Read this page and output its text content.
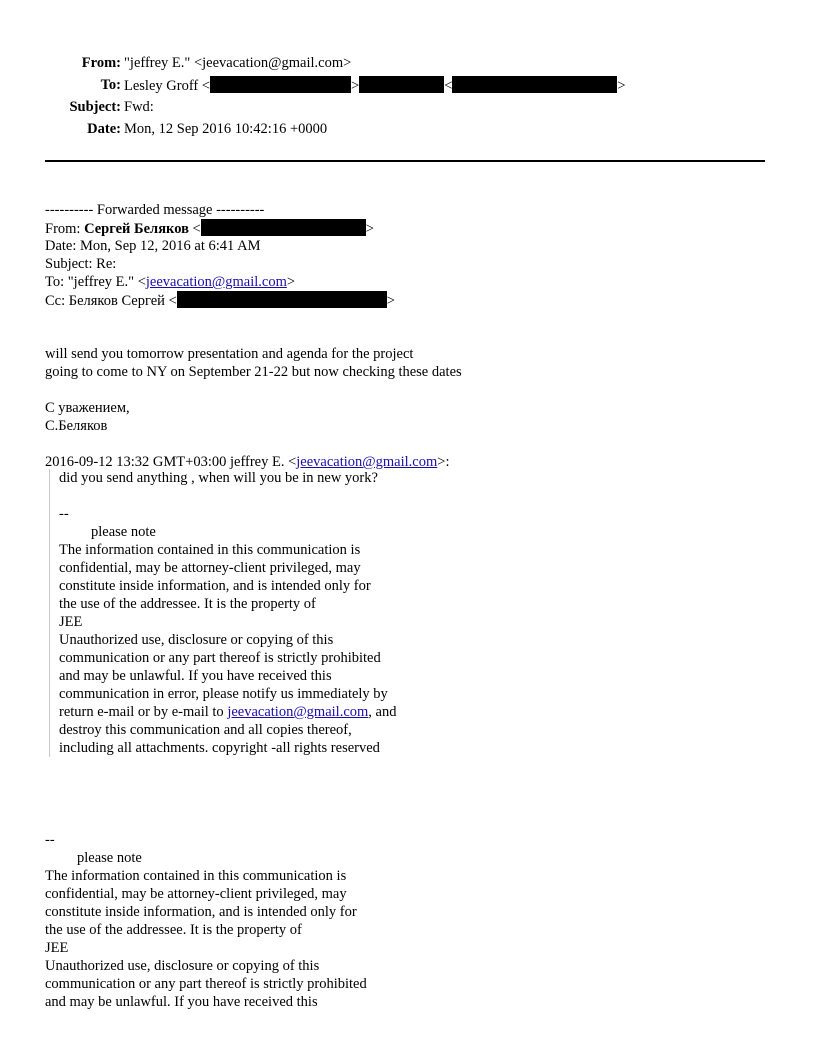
From: "jeffrey E." <jeevacation@gmail.com>
To: Lesley Groff <	>	<	>
Subject: Fwd:
Date: Mon, 12 Sep 2016 10:42:16 +0000
---------- Forwarded message ----------
From: Сергей Беляков <	>
Date: Mon, Sep 12, 2016 at 6:41 AM
Subject: Re:
To: "jeffrey E." <jeevacation@gmail.com>
Cc: Беляков Сергей <	>
will send you tomorrow presentation and agenda for the project
going to come to NY on September 21-22 but now checking these dates
С уважением,
С.Беляков
2016-09-12 13:32 GMT+03:00 jeffrey E. <jeevacation@gmail.com>:
did you send anything , when will you be in new york?
--
please note
The information contained in this communication is
confidential, may be attorney-client privileged, may
constitute inside information, and is intended only for
the use of the addressee. It is the property of
JEE
Unauthorized use, disclosure or copying of this
communication or any part thereof is strictly prohibited
and may be unlawful. If you have received this
communication in error, please notify us immediately by
return e-mail or by e-mail to jeevacation@gmail.com, and
destroy this communication and all copies thereof,
including all attachments. copyright -all rights reserved
--
please note
The information contained in this communication is
confidential, may be attorney-client privileged, may
constitute inside information, and is intended only for
the use of the addressee. It is the property of
JEE
Unauthorized use, disclosure or copying of this
communication or any part thereof is strictly prohibited
and may be unlawful. If you have received this
